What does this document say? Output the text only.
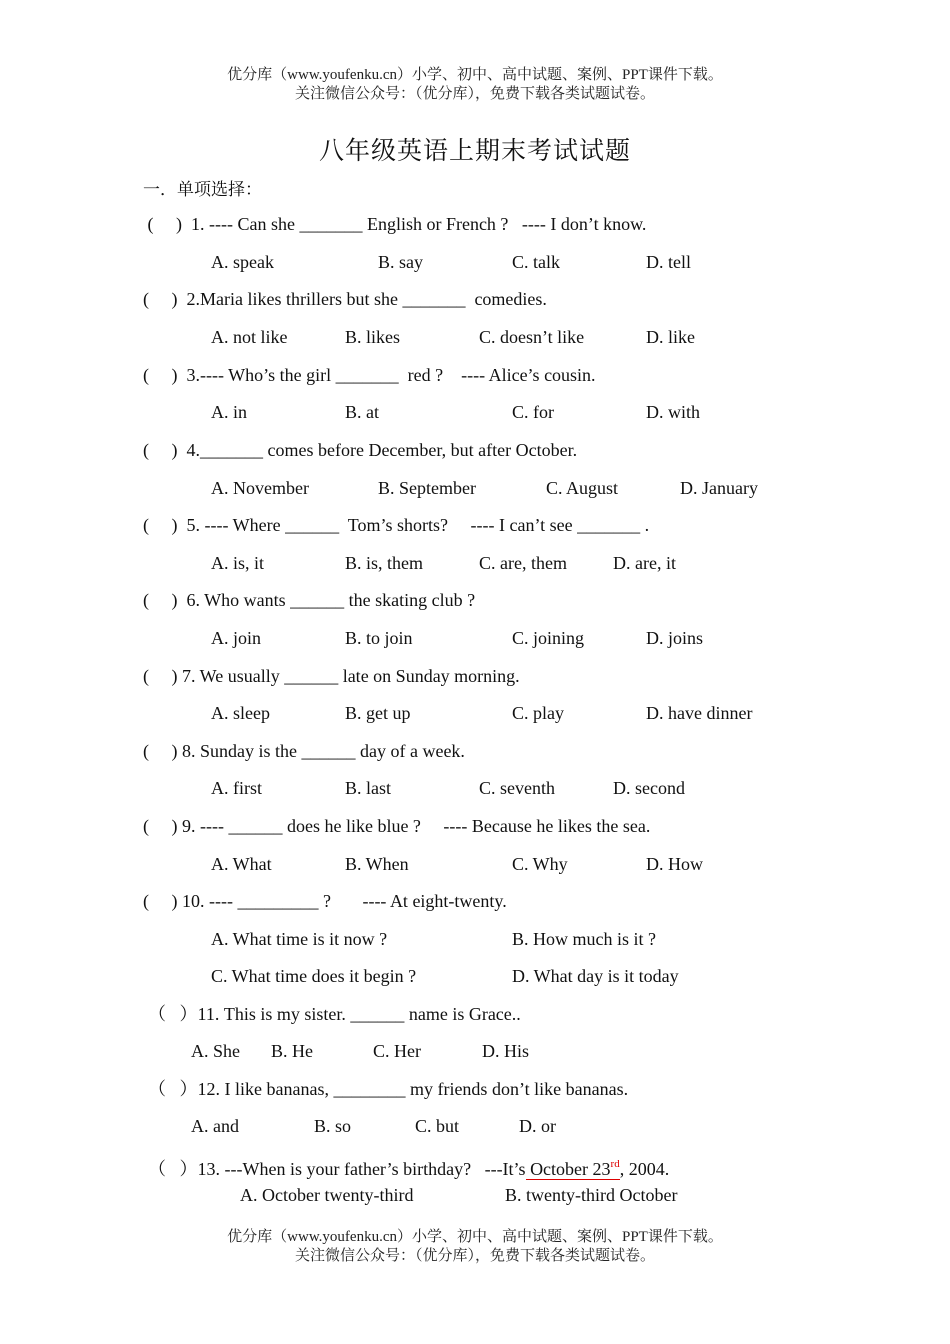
优分库（www.youfenku.cn）小学、初中、高中试题、案例、PPT课件下载。
关注微信公众号：（优分库），免费下载各类试题试卷。
八年级英语上期末考试试题
一．单项选择：
(     )  1. ---- Can she _______ English or French ?   ---- I don’t know.
A. speak	B. say	C. talk	D. tell
(     )  2.Maria likes thrillers but she _______  comedies.
A. not like	B. likes	C. doesn’t like	D. like
(     )  3.---- Who’s the girl _______  red ?    ---- Alice’s cousin.
A. in	B. at	C. for	D. with
(     )  4._______ comes before December, but after October.
A. November	B. September	C. August	D. January
(     )  5. ---- Where ______  Tom’s shorts?     ---- I can’t see _______ .
A. is, it	B. is, them	C. are, them	D. are, it
(     )  6. Who wants ______ the skating club ?
A. join	B. to join	C. joining	D. joins
(     ) 7. We usually ______ late on Sunday morning.
A. sleep	B. get up	C. play	D. have dinner
(     ) 8. Sunday is the ______ day of a week.
A. first	B. last	C. seventh	D. second
(     ) 9. ---- ______ does he like blue ?     ---- Because he likes the sea.
A. What	B. When	C. Why	D. How
(     ) 10. ---- _________ ?       ---- At eight-twenty.
A. What time is it now ?	B. How much is it ?
C. What time does it begin ?	D. What day is it today
（   ）11. This is my sister. ______ name is Grace..
A. She B. He	C. Her	D. His
（   ）12. I like bananas, ________ my friends don’t like bananas.
A. and	B. so	C. but	D. or
（   ）13. ---When is your father’s birthday?   ---It’s October 23rd, 2004.
A. October twenty-third	B. twenty-third October
优分库（www.youfenku.cn）小学、初中、高中试题、案例、PPT课件下载。
关注微信公众号：（优分库），免费下载各类试题试卷。
